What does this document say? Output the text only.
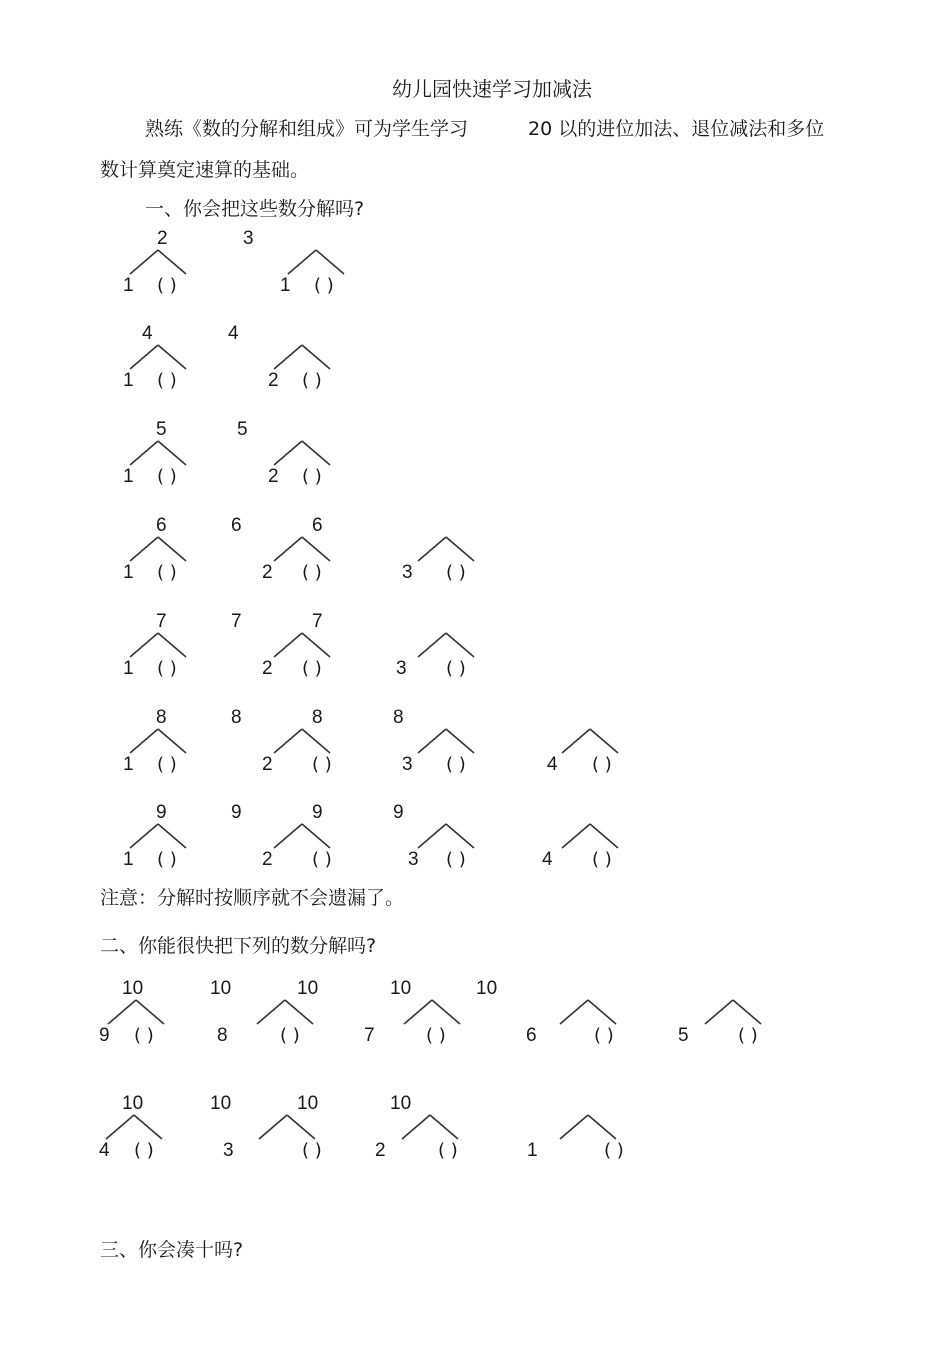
幼儿园快速学习加减法
熟练《数的分解和组成》可为学生学习	20 以的进位加法、退位减法和多位
数计算奠定速算的基础。
一、你会把这些数分解吗?
2
1 ( )
3
1 ( )
4
1 ( )
4
2 ( )
5
1 ( )
5
2 ( )
6
1 ( )
6
2 ( )
6
3 ( )
7
1 ( )
7
2 ( )
7
3 ( )
8
1 ( )
8
2 ( )
8
3 ( )
8
4 ( )
9
1 ( )
9
2 ( )
9
3 ( )
9
4 ( )
注意：分解时按顺序就不会遗漏了。
二、你能很快把下列的数分解吗?
10
9 ( )
10
8	( )
10
7	( )
10
6	( )
10
5	( )
10
4 ( )
10
3	( )
10
2	( )
10
1	( )
三、你会凑十吗?
